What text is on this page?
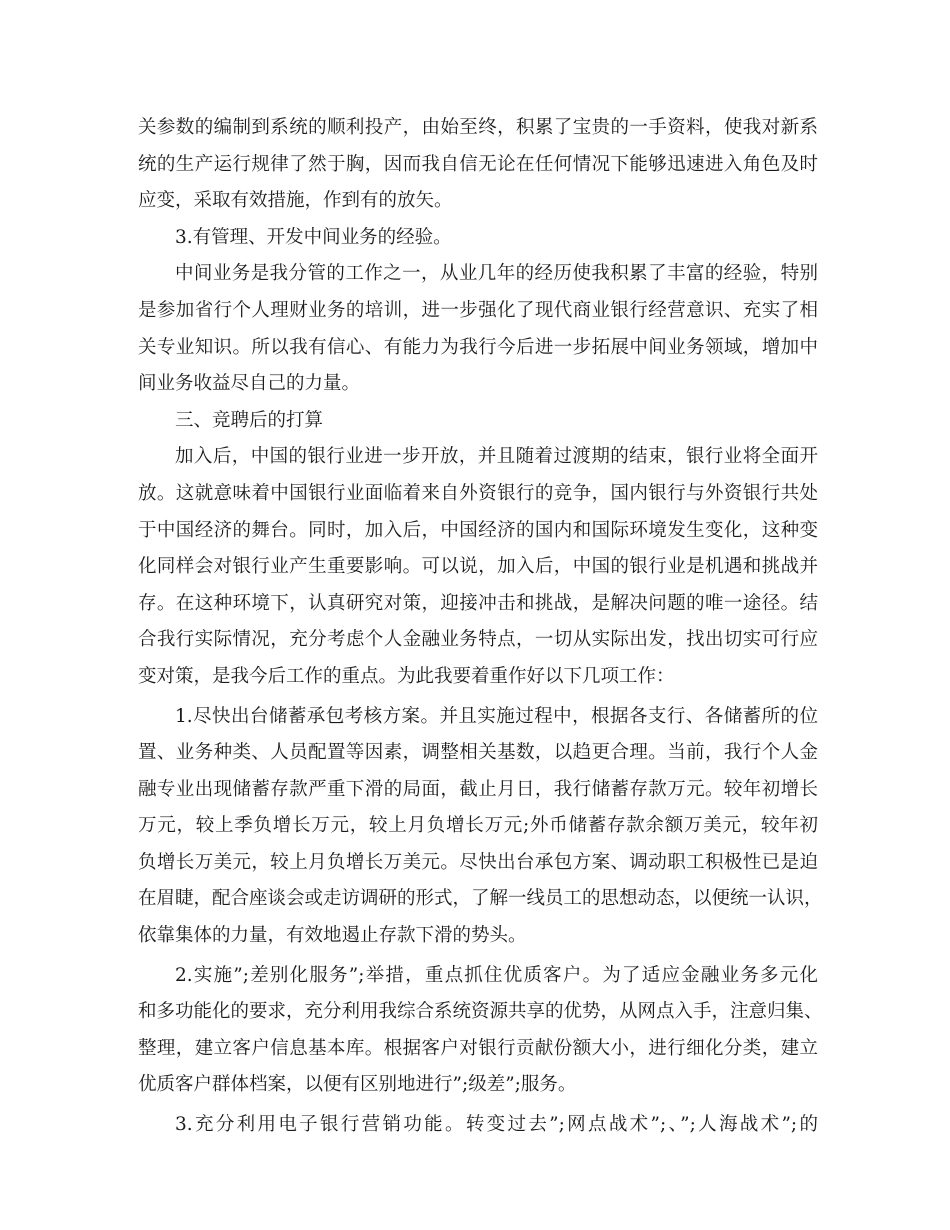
关参数的编制到系统的顺利投产，由始至终，积累了宝贵的一手资料，使我对新系
统的生产运行规律了然于胸，因而我自信无论在任何情况下能够迅速进入角色及时
应变，采取有效措施，作到有的放矢。
3.有管理、开发中间业务的经验。
中间业务是我分管的工作之一，从业几年的经历使我积累了丰富的经验，特别
是参加省行个人理财业务的培训，进一步强化了现代商业银行经营意识、充实了相
关专业知识。所以我有信心、有能力为我行今后进一步拓展中间业务领域，增加中
间业务收益尽自己的力量。
三、竞聘后的打算
加入后，中国的银行业进一步开放，并且随着过渡期的结束，银行业将全面开
放。这就意味着中国银行业面临着来自外资银行的竞争，国内银行与外资银行共处
于中国经济的舞台。同时，加入后，中国经济的国内和国际环境发生变化，这种变
化同样会对银行业产生重要影响。可以说，加入后，中国的银行业是机遇和挑战并
存。在这种环境下，认真研究对策，迎接冲击和挑战，是解决问题的唯一途径。结
合我行实际情况，充分考虑个人金融业务特点，一切从实际出发，找出切实可行应
变对策，是我今后工作的重点。为此我要着重作好以下几项工作：
1.尽快出台储蓄承包考核方案。并且实施过程中，根据各支行、各储蓄所的位
置、业务种类、人员配置等因素，调整相关基数，以趋更合理。当前，我行个人金
融专业出现储蓄存款严重下滑的局面，截止月日，我行储蓄存款万元。较年初增长
万元，较上季负增长万元，较上月负增长万元;外币储蓄存款余额万美元，较年初
负增长万美元，较上月负增长万美元。尽快出台承包方案、调动职工积极性已是迫
在眉睫，配合座谈会或走访调研的形式，了解一线员工的思想动态，以便统一认识，
依靠集体的力量，有效地遏止存款下滑的势头。
2.实施”;差别化服务”;举措，重点抓住优质客户。为了适应金融业务多元化
和多功能化的要求，充分利用我综合系统资源共享的优势，从网点入手，注意归集、
整理，建立客户信息基本库。根据客户对银行贡献份额大小，进行细化分类，建立
优质客户群体档案，以便有区别地进行”;级差”;服务。
3.充分利用电子银行营销功能。转变过去”;网点战术”;、”;人海战术”;的
